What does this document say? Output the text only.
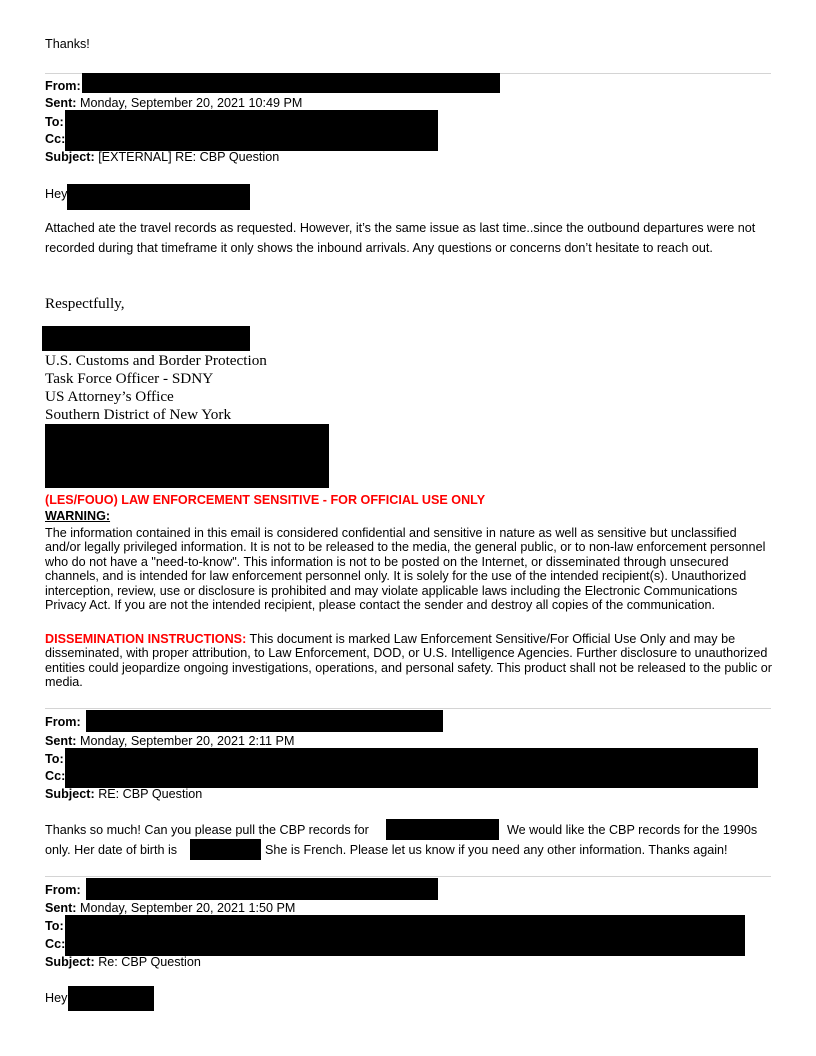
Thanks!
From:
Sent: Monday, September 20, 2021 10:49 PM
To:
Cc:
Subject: [EXTERNAL] RE: CBP Question
Hey
Attached ate the travel records as requested. However, it’s the same issue as last time..since the outbound departures were not recorded during that timeframe it only shows the inbound arrivals. Any questions or concerns don’t hesitate to reach out.
Respectfully,
U.S. Customs and Border Protection
Task Force Officer - SDNY
US Attorney’s Office
Southern District of New York
(LES/FOUO) LAW ENFORCEMENT SENSITIVE - FOR OFFICIAL USE ONLY
WARNING:
The information contained in this email is considered confidential and sensitive in nature as well as sensitive but unclassified and/or legally privileged information. It is not to be released to the media, the general public, or to non-law enforcement personnel who do not have a "need-to-know". This information is not to be posted on the Internet, or disseminated through unsecured channels, and is intended for law enforcement personnel only. It is solely for the use of the intended recipient(s). Unauthorized interception, review, use or disclosure is prohibited and may violate applicable laws including the Electronic Communications Privacy Act. If you are not the intended recipient, please contact the sender and destroy all copies of the communication.
DISSEMINATION INSTRUCTIONS: This document is marked Law Enforcement Sensitive/For Official Use Only and may be disseminated, with proper attribution, to Law Enforcement, DOD, or U.S. Intelligence Agencies. Further disclosure to unauthorized entities could jeopardize ongoing investigations, operations, and personal safety. This product shall not be released to the public or media.
From:
Sent: Monday, September 20, 2021 2:11 PM
To:
Cc:
Subject: RE: CBP Question
Thanks so much! Can you please pull the CBP records for	We would like the CBP records for the 1990s
only. Her date of birth is	She is French. Please let us know if you need any other information. Thanks again!
From:
Sent: Monday, September 20, 2021 1:50 PM
To:
Cc:
Subject: Re: CBP Question
Hey
